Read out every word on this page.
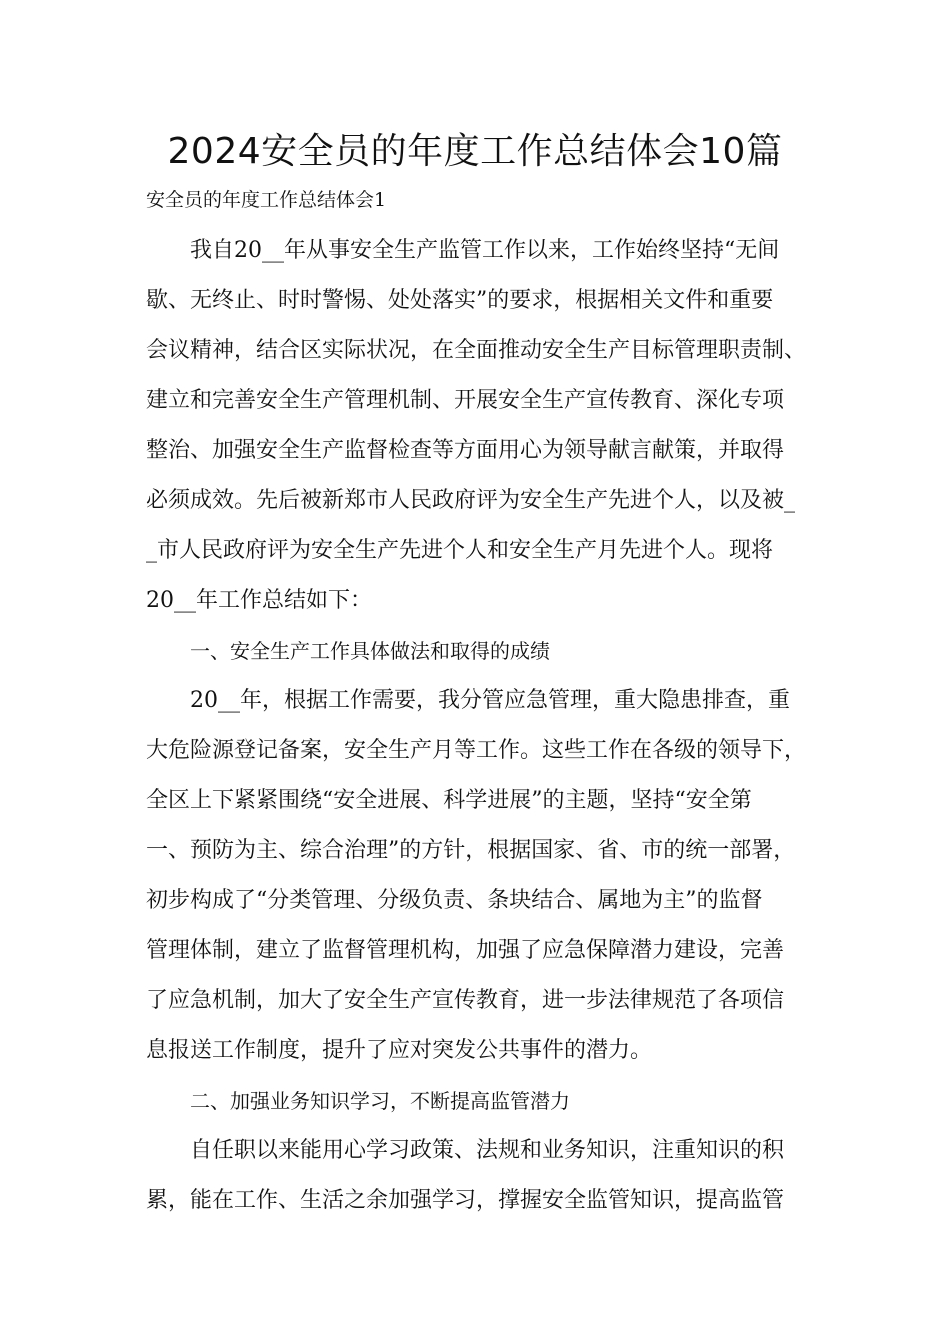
2024安全员的年度工作总结体会10篇
安全员的年度工作总结体会1
我自20__年从事安全生产监管工作以来，工作始终坚持“无间
歇、无终止、时时警惕、处处落实”的要求，根据相关文件和重要
会议精神，结合区实际状况，在全面推动安全生产目标管理职责制、
建立和完善安全生产管理机制、开展安全生产宣传教育、深化专项
整治、加强安全生产监督检查等方面用心为领导献言献策，并取得
必须成效。先后被新郑市人民政府评为安全生产先进个人，以及被_
_市人民政府评为安全生产先进个人和安全生产月先进个人。现将
20__年工作总结如下：
一、安全生产工作具体做法和取得的成绩
20__年，根据工作需要，我分管应急管理，重大隐患排查，重
大危险源登记备案，安全生产月等工作。这些工作在各级的领导下，
全区上下紧紧围绕“安全进展、科学进展”的主题，坚持“安全第
一、预防为主、综合治理”的方针，根据国家、省、市的统一部署，
初步构成了“分类管理、分级负责、条块结合、属地为主”的监督
管理体制，建立了监督管理机构，加强了应急保障潜力建设，完善
了应急机制，加大了安全生产宣传教育，进一步法律规范了各项信
息报送工作制度，提升了应对突发公共事件的潜力。
二、加强业务知识学习，不断提高监管潜力
自任职以来能用心学习政策、法规和业务知识，注重知识的积
累，能在工作、生活之余加强学习，撑握安全监管知识，提高监管
